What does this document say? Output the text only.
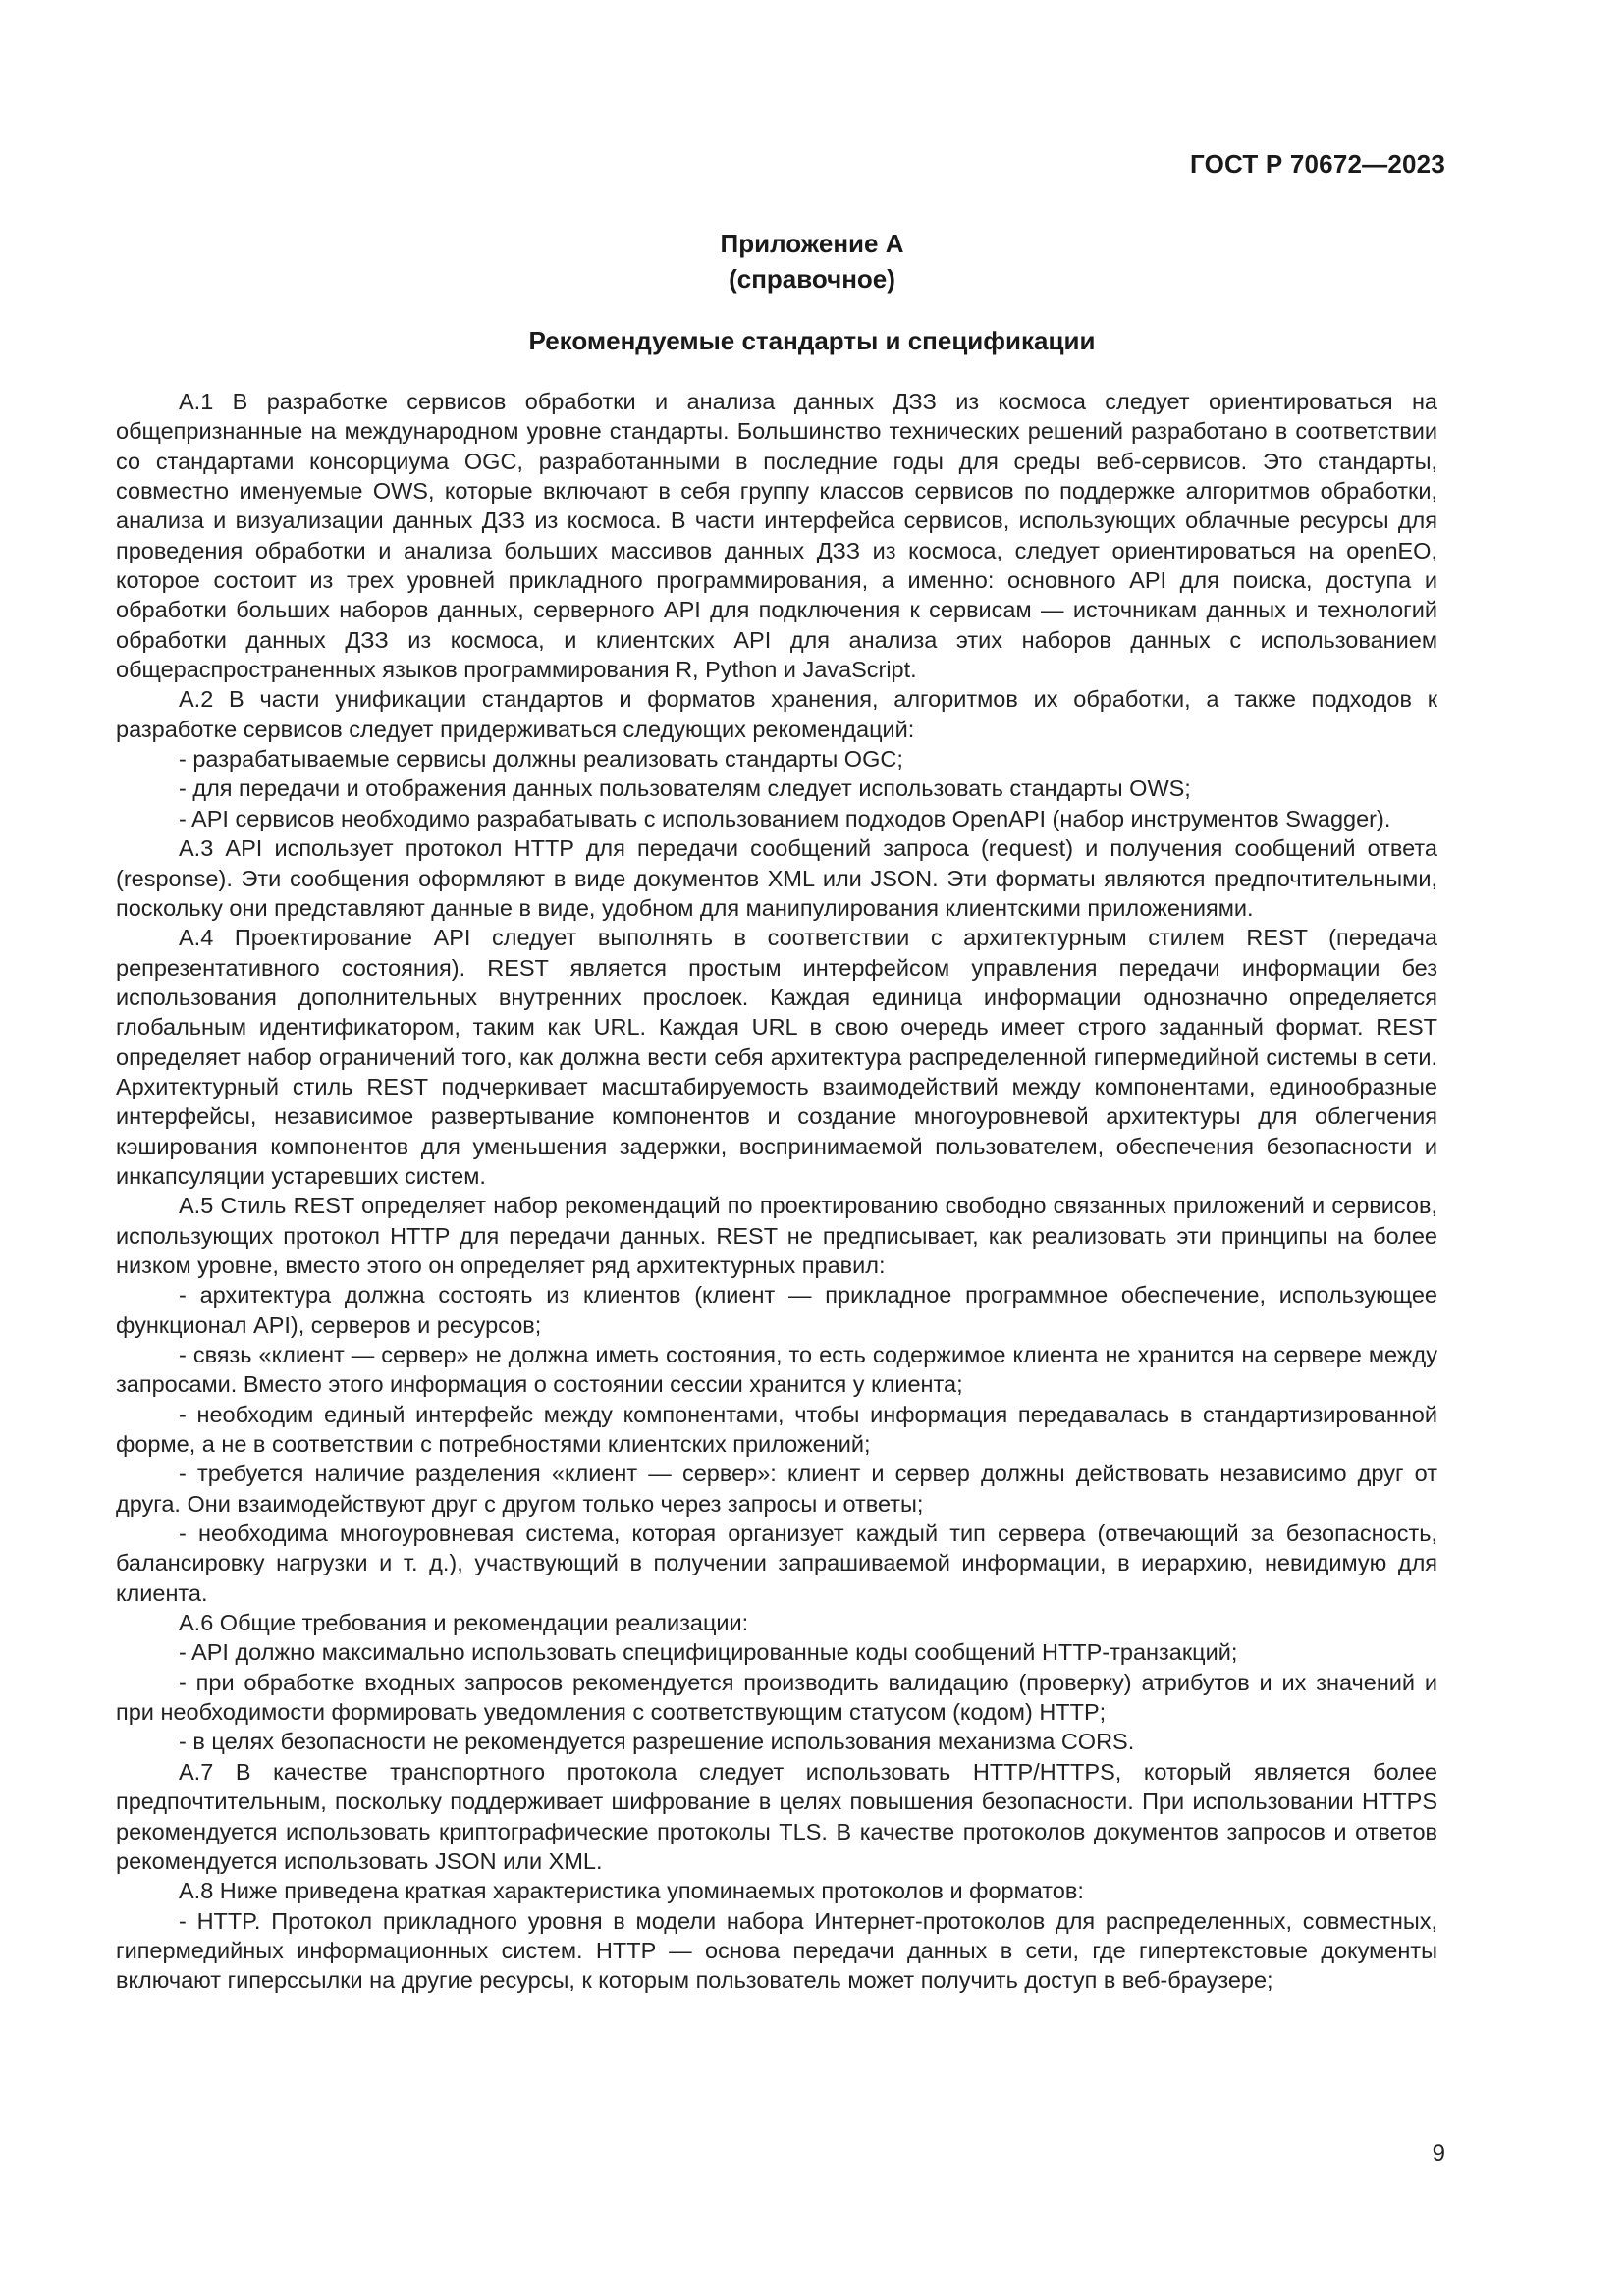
ГОСТ Р 70672—2023
Приложение А
(справочное)
Рекомендуемые стандарты и спецификации

А.1 В разработке сервисов обработки и анализа данных ДЗЗ из космоса следует ориентироваться на общепризнанные на международном уровне стандарты. Большинство технических решений разработано в соответствии со стандартами консорциума OGC, разработанными в последние годы для среды веб-сервисов. Это стандарты, совместно именуемые OWS, которые включают в себя группу классов сервисов по поддержке алгоритмов обработки, анализа и визуализации данных ДЗЗ из космоса. В части интерфейса сервисов, использующих облачные ресурсы для проведения обработки и анализа больших массивов данных ДЗЗ из космоса, следует ориентироваться на openEO, которое состоит из трех уровней прикладного программирования, а именно: основного API для поиска, доступа и обработки больших наборов данных, серверного API для подключения к сервисам — источникам данных и технологий обработки данных ДЗЗ из космоса, и клиентских API для анализа этих наборов данных с использованием общераспространенных языков программирования R, Python и JavaScript.

А.2 В части унификации стандартов и форматов хранения, алгоритмов их обработки, а также подходов к разработке сервисов следует придерживаться следующих рекомендаций:

- разрабатываемые сервисы должны реализовать стандарты OGC;

- для передачи и отображения данных пользователям следует использовать стандарты OWS;

- API сервисов необходимо разрабатывать с использованием подходов OpenAPI (набор инструментов Swagger).

А.3 API использует протокол HTTP для передачи сообщений запроса (request) и получения сообщений ответа (response). Эти сообщения оформляют в виде документов XML или JSON. Эти форматы являются предпочтительными, поскольку они представляют данные в виде, удобном для манипулирования клиентскими приложениями.

А.4 Проектирование API следует выполнять в соответствии с архитектурным стилем REST (передача репрезентативного состояния). REST является простым интерфейсом управления передачи информации без использования дополнительных внутренних прослоек. Каждая единица информации однозначно определяется глобальным идентификатором, таким как URL. Каждая URL в свою очередь имеет строго заданный формат. REST определяет набор ограничений того, как должна вести себя архитектура распределенной гипермедийной системы в сети. Архитектурный стиль REST подчеркивает масштабируемость взаимодействий между компонентами, единообразные интерфейсы, независимое развертывание компонентов и создание многоуровневой архитектуры для облегчения кэширования компонентов для уменьшения задержки, воспринимаемой пользователем, обеспечения безопасности и инкапсуляции устаревших систем.

А.5 Стиль REST определяет набор рекомендаций по проектированию свободно связанных приложений и сервисов, использующих протокол HTTP для передачи данных. REST не предписывает, как реализовать эти принципы на более низком уровне, вместо этого он определяет ряд архитектурных правил:

- архитектура должна состоять из клиентов (клиент — прикладное программное обеспечение, использующее функционал API), серверов и ресурсов;

- связь «клиент — сервер» не должна иметь состояния, то есть содержимое клиента не хранится на сервере между запросами. Вместо этого информация о состоянии сессии хранится у клиента;

- необходим единый интерфейс между компонентами, чтобы информация передавалась в стандартизированной форме, а не в соответствии с потребностями клиентских приложений;

- требуется наличие разделения «клиент — сервер»: клиент и сервер должны действовать независимо друг от друга. Они взаимодействуют друг с другом только через запросы и ответы;

- необходима многоуровневая система, которая организует каждый тип сервера (отвечающий за безопасность, балансировку нагрузки и т. д.), участвующий в получении запрашиваемой информации, в иерархию, невидимую для клиента.

А.6 Общие требования и рекомендации реализации:

- API должно максимально использовать специфицированные коды сообщений HTTP-транзакций;

- при обработке входных запросов рекомендуется производить валидацию (проверку) атрибутов и их значений и при необходимости формировать уведомления с соответствующим статусом (кодом) HTTP;

- в целях безопасности не рекомендуется разрешение использования механизма CORS.

А.7 В качестве транспортного протокола следует использовать HTTP/HTTPS, который является более предпочтительным, поскольку поддерживает шифрование в целях повышения безопасности. При использовании HTTPS рекомендуется использовать криптографические протоколы TLS. В качестве протоколов документов запросов и ответов рекомендуется использовать JSON или XML.

А.8 Ниже приведена краткая характеристика упоминаемых протоколов и форматов:

- HTTP. Протокол прикладного уровня в модели набора Интернет-протоколов для распределенных, совместных, гипермедийных информационных систем. HTTP — основа передачи данных в сети, где гипертекстовые документы включают гиперссылки на другие ресурсы, к которым пользователь может получить доступ в веб-браузере;

9
